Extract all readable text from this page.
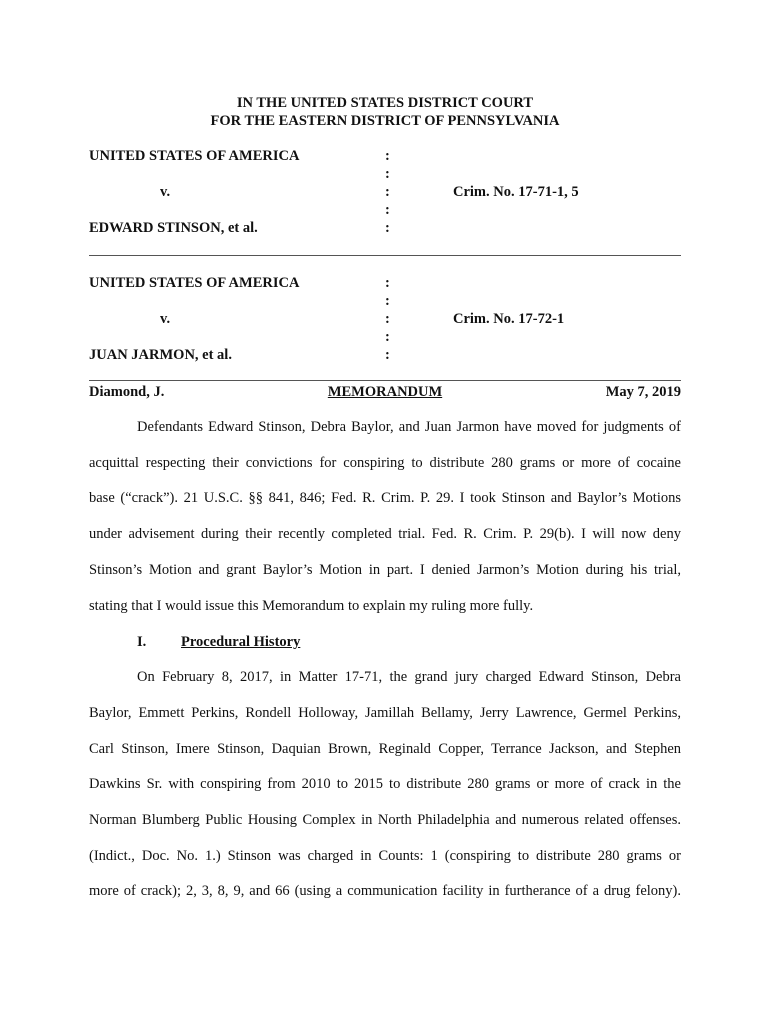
IN THE UNITED STATES DISTRICT COURT
FOR THE EASTERN DISTRICT OF PENNSYLVANIA
UNITED STATES OF AMERICA
v.
EDWARD STINSON, et al.
Crim. No. 17-71-1, 5
:
:
:
:
:
UNITED STATES OF AMERICA
v.
JUAN JARMON, et al.
Crim. No. 17-72-1
:
:
:
:
:
Diamond, J.	MEMORANDUM	May 7, 2019
Defendants Edward Stinson, Debra Baylor, and Juan Jarmon have moved for judgments of
acquittal respecting their convictions for conspiring to distribute 280 grams or more of cocaine
base (“crack”). 21 U.S.C. §§ 841, 846; Fed. R. Crim. P. 29. I took Stinson and Baylor’s Motions
under advisement during their recently completed trial. Fed. R. Crim. P. 29(b). I will now deny
Stinson’s Motion and grant Baylor’s Motion in part. I denied Jarmon’s Motion during his trial,
stating that I would issue this Memorandum to explain my ruling more fully.
I. Procedural History
On February 8, 2017, in Matter 17-71, the grand jury charged Edward Stinson, Debra
Baylor, Emmett Perkins, Rondell Holloway, Jamillah Bellamy, Jerry Lawrence, Germel Perkins,
Carl Stinson, Imere Stinson, Daquian Brown, Reginald Copper, Terrance Jackson, and Stephen
Dawkins Sr. with conspiring from 2010 to 2015 to distribute 280 grams or more of crack in the
Norman Blumberg Public Housing Complex in North Philadelphia and numerous related offenses.
(Indict., Doc. No. 1.) Stinson was charged in Counts: 1 (conspiring to distribute 280 grams or
more of crack); 2, 3, 8, 9, and 66 (using a communication facility in furtherance of a drug felony).
